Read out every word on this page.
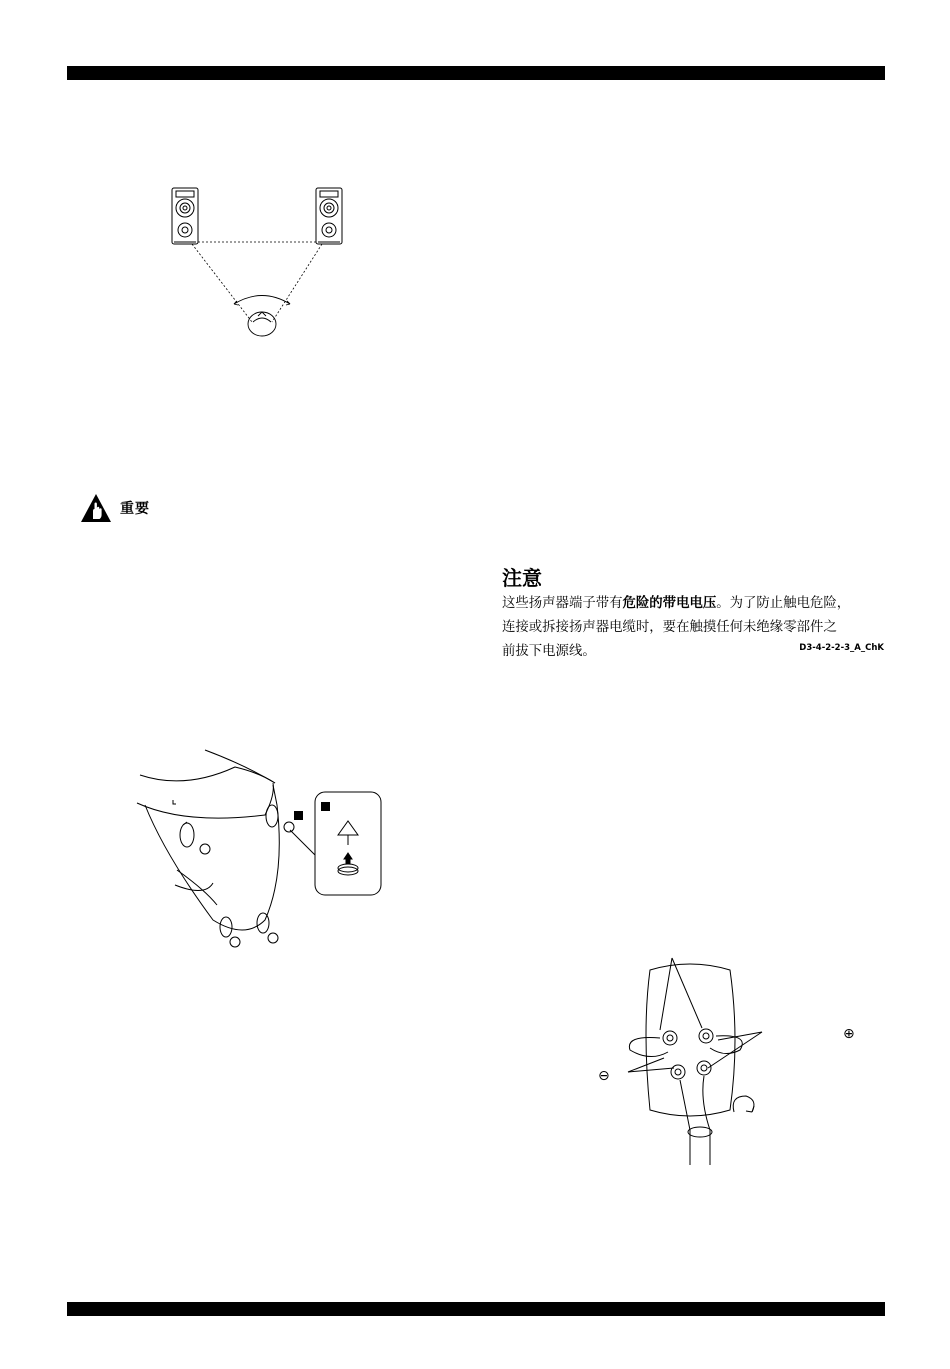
重要
注意
这些扬声器端子带有危险的带电电压。为了防止触电危险，
连接或拆接扬声器电缆时，要在触摸任何未绝缘零部件之
前拔下电源线。	D3-4-2-2-3_A_ChK
⊖
⊕
